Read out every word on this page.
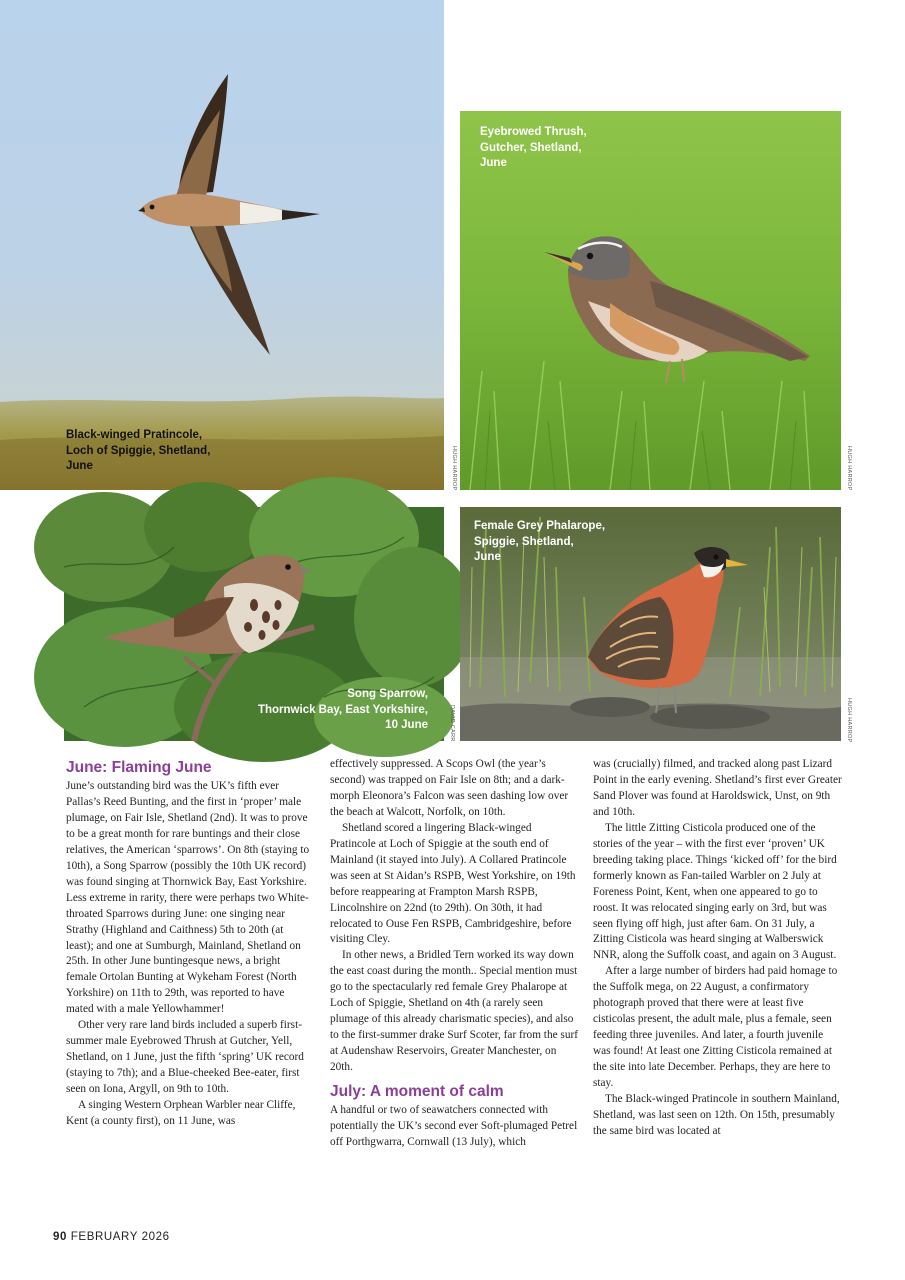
Black-winged Pratincole,
Loch of Spiggie, Shetland,
June	HUGH HARROP
Eyebrowed Thrush,
Gutcher, Shetland,
June
HUGH HARROP
Song Sparrow,
Thornwick Bay, East Yorkshire,
10 June	DAVID CARR
Female Grey Phalarope,
Spiggie, Shetland,
June
HUGH HARROP
June: Flaming June

June’s outstanding bird was the UK’s fifth ever Pallas’s Reed Bunting, and the first in ‘proper’ male plumage, on Fair Isle, Shetland (2nd). It was to prove to be a great month for rare buntings and their close relatives, the American ‘sparrows’. On 8th (staying to 10th), a Song Sparrow (possibly the 10th UK record) was found singing at Thornwick Bay, East Yorkshire. Less extreme in rarity, there were perhaps two White-throated Sparrows during June: one singing near Strathy (Highland and Caithness) 5th to 20th (at least); and one at Sumburgh, Mainland, Shetland on 25th. In other June buntingesque news, a bright female Ortolan Bunting at Wykeham Forest (North Yorkshire) on 11th to 29th, was reported to have mated with a male Yellowhammer!

Other very rare land birds included a superb first-summer male Eyebrowed Thrush at Gutcher, Yell, Shetland, on 1 June, just the fifth ‘spring’ UK record (staying to 7th); and a Blue-cheeked Bee-eater, first seen on Iona, Argyll, on 9th to 10th.

A singing Western Orphean Warbler near Cliffe, Kent (a county first), on 11 June, was

effectively suppressed. A Scops Owl (the year’s second) was trapped on Fair Isle on 8th; and a dark-morph Eleonora’s Falcon was seen dashing low over the beach at Walcott, Norfolk, on 10th.

Shetland scored a lingering Black-winged Pratincole at Loch of Spiggie at the south end of Mainland (it stayed into July). A Collared Pratincole was seen at St Aidan’s RSPB, West Yorkshire, on 19th before reappearing at Frampton Marsh RSPB, Lincolnshire on 22nd (to 29th). On 30th, it had relocated to Ouse Fen RSPB, Cambridgeshire, before visiting Cley.

In other news, a Bridled Tern worked its way down the east coast during the month.. Special mention must go to the spectacularly red female Grey Phalarope at Loch of Spiggie, Shetland on 4th (a rarely seen plumage of this already charismatic species), and also to the first-summer drake Surf Scoter, far from the surf at Audenshaw Reservoirs, Greater Manchester, on 20th.

July: A moment of calm

A handful or two of seawatchers connected with potentially the UK’s second ever Soft-plumaged Petrel off Porthgwarra, Cornwall (13 July), which

was (crucially) filmed, and tracked along past Lizard Point in the early evening. Shetland’s first ever Greater Sand Plover was found at Haroldswick, Unst, on 9th and 10th.

The little Zitting Cisticola produced one of the stories of the year – with the first ever ‘proven’ UK breeding taking place. Things ‘kicked off’ for the bird formerly known as Fan-tailed Warbler on 2 July at Foreness Point, Kent, when one appeared to go to roost. It was relocated singing early on 3rd, but was seen flying off high, just after 6am. On 31 July, a Zitting Cisticola was heard singing at Walberswick NNR, along the Suffolk coast, and again on 3 August.

After a large number of birders had paid homage to the Suffolk mega, on 22 August, a confirmatory photograph proved that there were at least five cisticolas present, the adult male, plus a female, seen feeding three juveniles. And later, a fourth juvenile was found! At least one Zitting Cisticola remained at the site into late December. Perhaps, they are here to stay.

The Black-winged Pratincole in southern Mainland, Shetland, was last seen on 12th. On 15th, presumably the same bird was located at

90 FEBRUARY 2026
